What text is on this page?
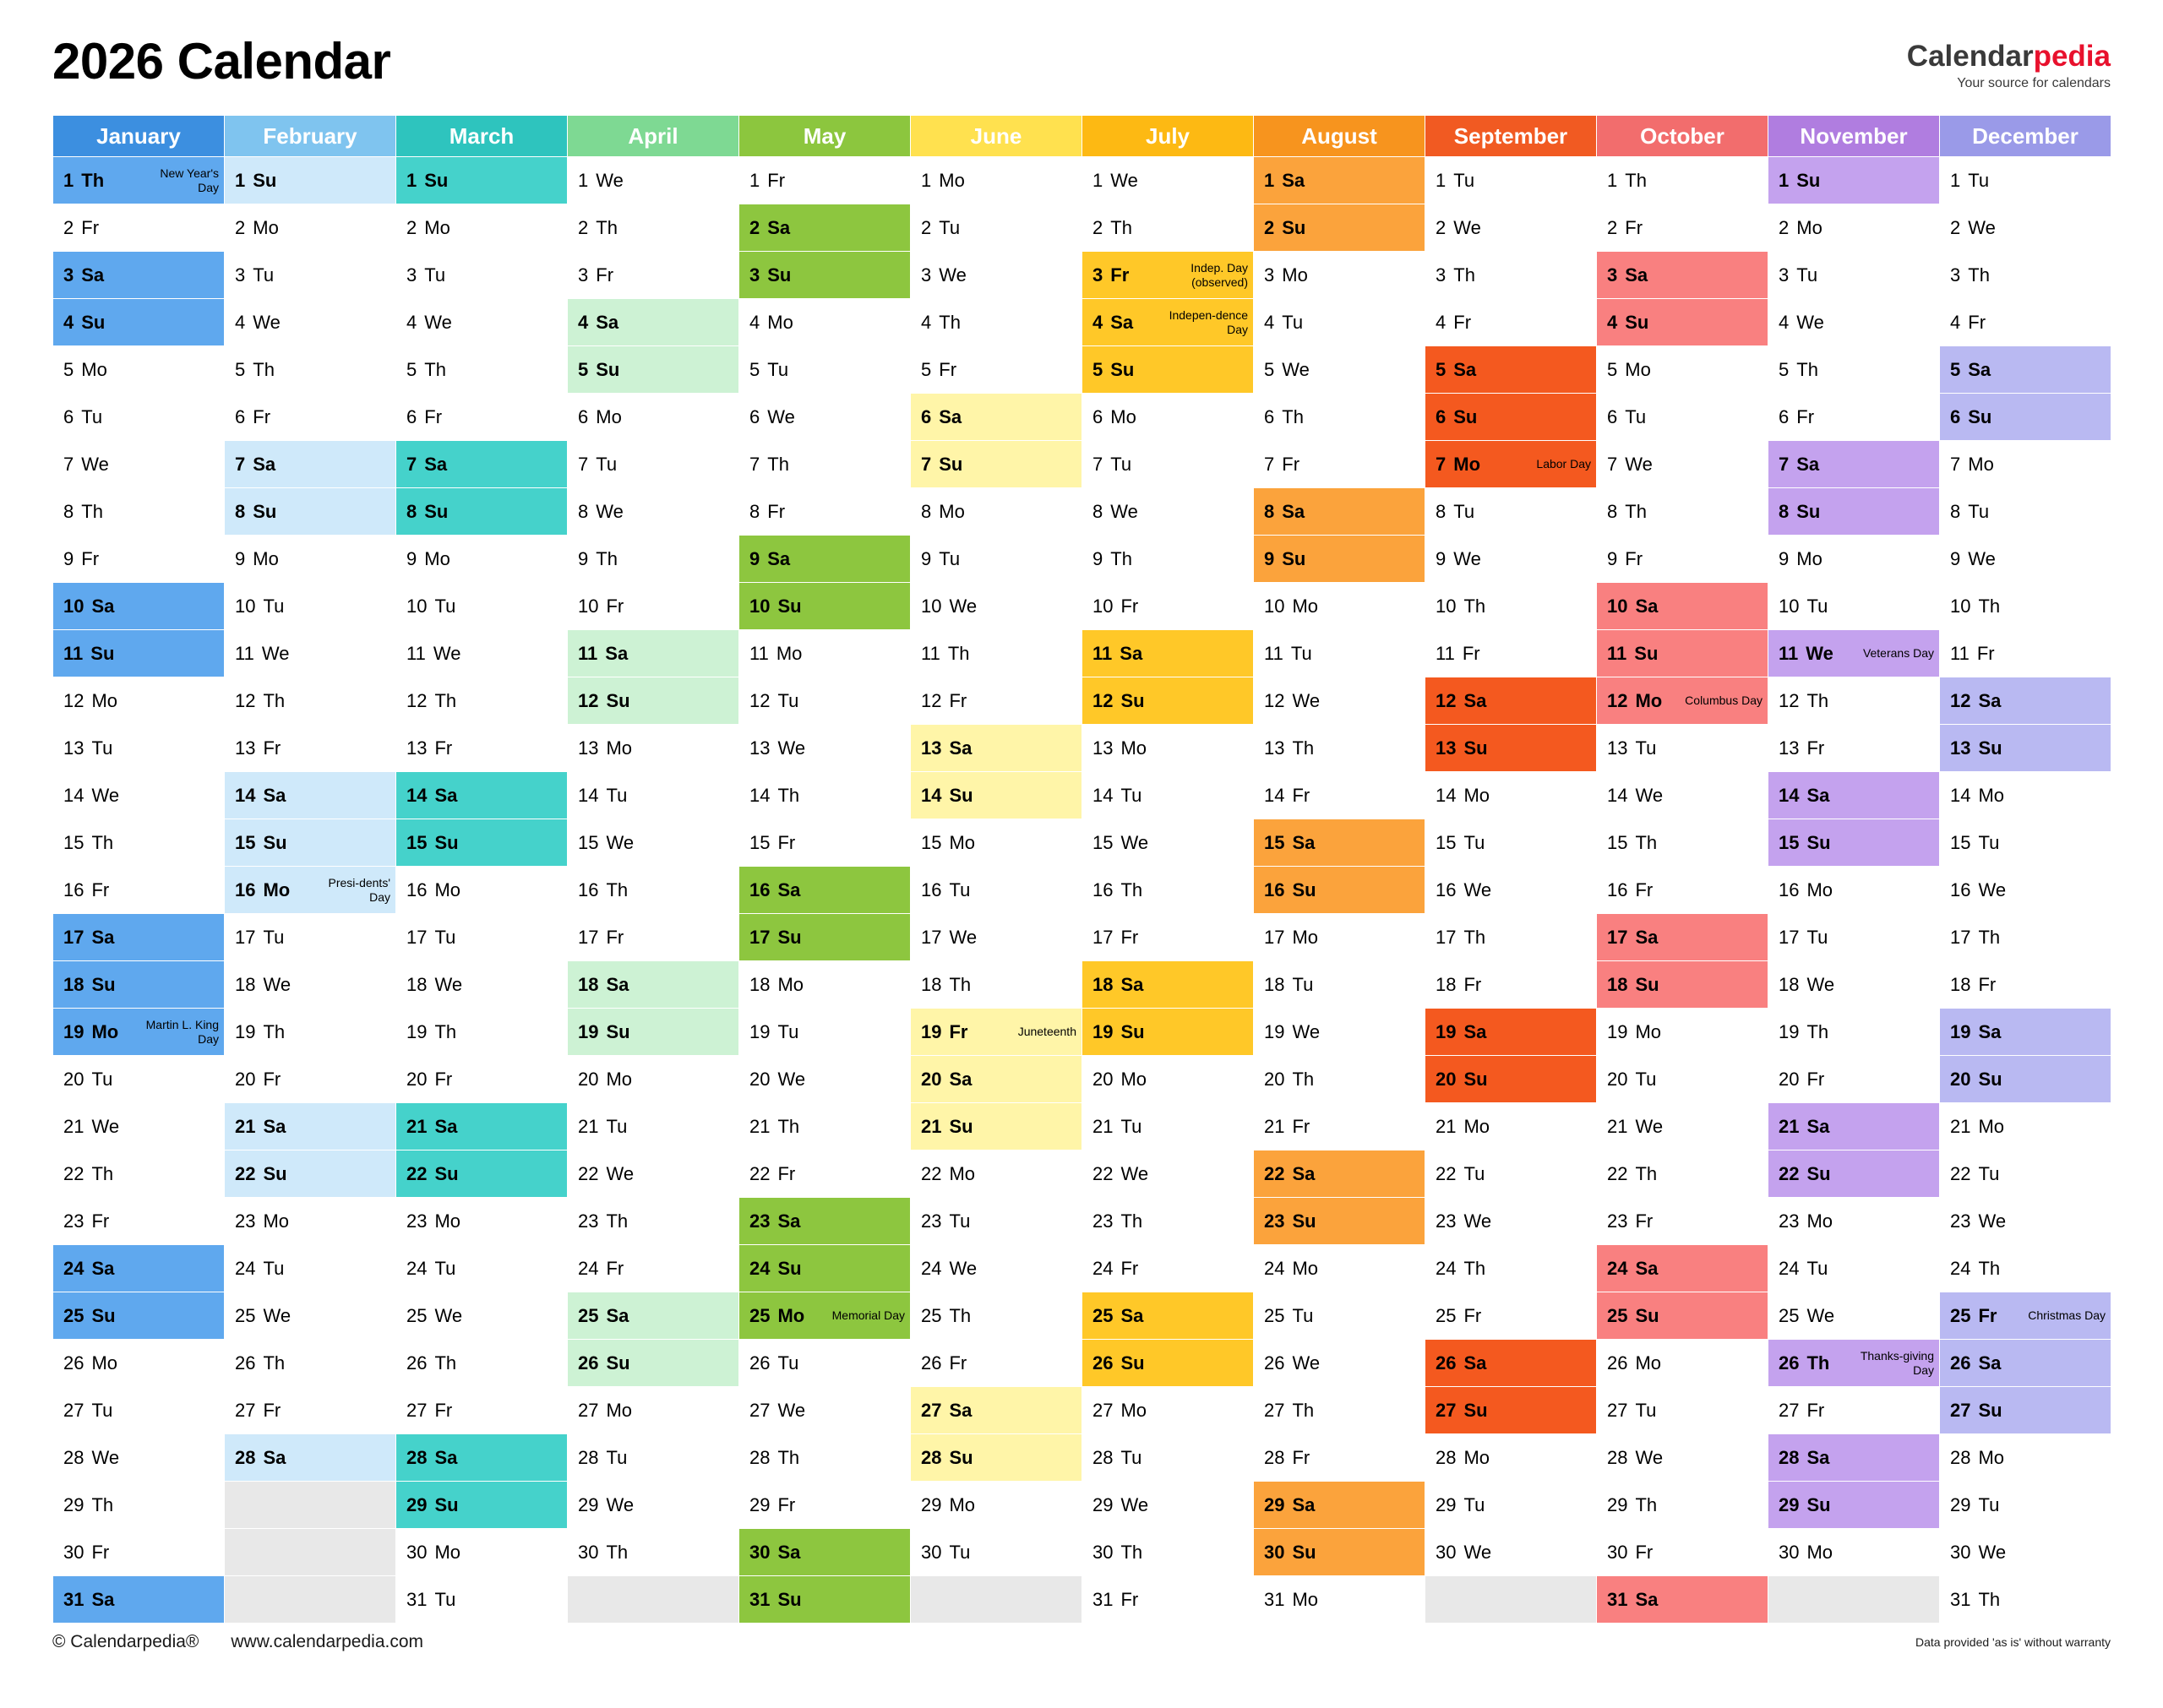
2026 Calendar	Calendarpedia
Your source for calendars
January	February	March	April	May	June	July	August	September	October	November	December

1 Th New Year's Day	1 Su	1 Su	1 We	1 Fr	1 Mo	1 We	1 Sa	1 Tu	1 Th	1 Su	1 Tu

2 Fr	2 Mo	2 Mo	2 Th	2 Sa	2 Tu	2 Th	2 Su	2 We	2 Fr	2 Mo	2 We

3 Sa	3 Tu	3 Tu	3 Fr	3 Su	3 We	3 Fr Indep. Day (observed)	3 Mo	3 Th	3 Sa	3 Tu	3 Th

4 Su	4 We	4 We	4 Sa	4 Mo	4 Th	4 Sa Indepen-dence Day	4 Tu	4 Fr	4 Su	4 We	4 Fr

5 Mo	5 Th	5 Th	5 Su	5 Tu	5 Fr	5 Su	5 We	5 Sa	5 Mo	5 Th	5 Sa

6 Tu	6 Fr	6 Fr	6 Mo	6 We	6 Sa	6 Mo	6 Th	6 Su	6 Tu	6 Fr	6 Su

7 We	7 Sa	7 Sa	7 Tu	7 Th	7 Su	7 Tu	7 Fr	7 Mo Labor Day	7 We	7 Sa	7 Mo

8 Th	8 Su	8 Su	8 We	8 Fr	8 Mo	8 We	8 Sa	8 Tu	8 Th	8 Su	8 Tu

9 Fr	9 Mo	9 Mo	9 Th	9 Sa	9 Tu	9 Th	9 Su	9 We	9 Fr	9 Mo	9 We

10 Sa	10 Tu	10 Tu	10 Fr	10 Su	10 We	10 Fr	10 Mo	10 Th	10 Sa	10 Tu	10 Th

11 Su	11 We	11 We	11 Sa	11 Mo	11 Th	11 Sa	11 Tu	11 Fr	11 Su	11 We Veterans Day	11 Fr

12 Mo	12 Th	12 Th	12 Su	12 Tu	12 Fr	12 Su	12 We	12 Sa	12 Mo Columbus Day	12 Th	12 Sa

13 Tu	13 Fr	13 Fr	13 Mo	13 We	13 Sa	13 Mo	13 Th	13 Su	13 Tu	13 Fr	13 Su

14 We	14 Sa	14 Sa	14 Tu	14 Th	14 Su	14 Tu	14 Fr	14 Mo	14 We	14 Sa	14 Mo

15 Th	15 Su	15 Su	15 We	15 Fr	15 Mo	15 We	15 Sa	15 Tu	15 Th	15 Su	15 Tu

16 Fr	16 Mo Presi-dents' Day	16 Mo	16 Th	16 Sa	16 Tu	16 Th	16 Su	16 We	16 Fr	16 Mo	16 We

17 Sa	17 Tu	17 Tu	17 Fr	17 Su	17 We	17 Fr	17 Mo	17 Th	17 Sa	17 Tu	17 Th

18 Su	18 We	18 We	18 Sa	18 Mo	18 Th	18 Sa	18 Tu	18 Fr	18 Su	18 We	18 Fr

19 Mo Martin L. King Day	19 Th	19 Th	19 Su	19 Tu	19 Fr Juneteenth	19 Su	19 We	19 Sa	19 Mo	19 Th	19 Sa

20 Tu	20 Fr	20 Fr	20 Mo	20 We	20 Sa	20 Mo	20 Th	20 Su	20 Tu	20 Fr	20 Su

21 We	21 Sa	21 Sa	21 Tu	21 Th	21 Su	21 Tu	21 Fr	21 Mo	21 We	21 Sa	21 Mo

22 Th	22 Su	22 Su	22 We	22 Fr	22 Mo	22 We	22 Sa	22 Tu	22 Th	22 Su	22 Tu

23 Fr	23 Mo	23 Mo	23 Th	23 Sa	23 Tu	23 Th	23 Su	23 We	23 Fr	23 Mo	23 We

24 Sa	24 Tu	24 Tu	24 Fr	24 Su	24 We	24 Fr	24 Mo	24 Th	24 Sa	24 Tu	24 Th

25 Su	25 We	25 We	25 Sa	25 Mo Memorial Day	25 Th	25 Sa	25 Tu	25 Fr	25 Su	25 We	25 Fr Christmas Day

26 Mo	26 Th	26 Th	26 Su	26 Tu	26 Fr	26 Su	26 We	26 Sa	26 Mo	26 Th Thanks-giving Day	26 Sa

27 Tu	27 Fr	27 Fr	27 Mo	27 We	27 Sa	27 Mo	27 Th	27 Su	27 Tu	27 Fr	27 Su

28 We	28 Sa	28 Sa	28 Tu	28 Th	28 Su	28 Tu	28 Fr	28 Mo	28 We	28 Sa	28 Mo

29 Th		29 Su	29 We	29 Fr	29 Mo	29 We	29 Sa	29 Tu	29 Th	29 Su	29 Tu

30 Fr		30 Mo	30 Th	30 Sa	30 Tu	30 Th	30 Su	30 We	30 Fr	30 Mo	30 We

31 Sa		31 Tu		31 Su		31 Fr	31 Mo		31 Sa		31 Th
© Calendarpedia® www.calendarpedia.com	Data provided 'as is' without warranty
